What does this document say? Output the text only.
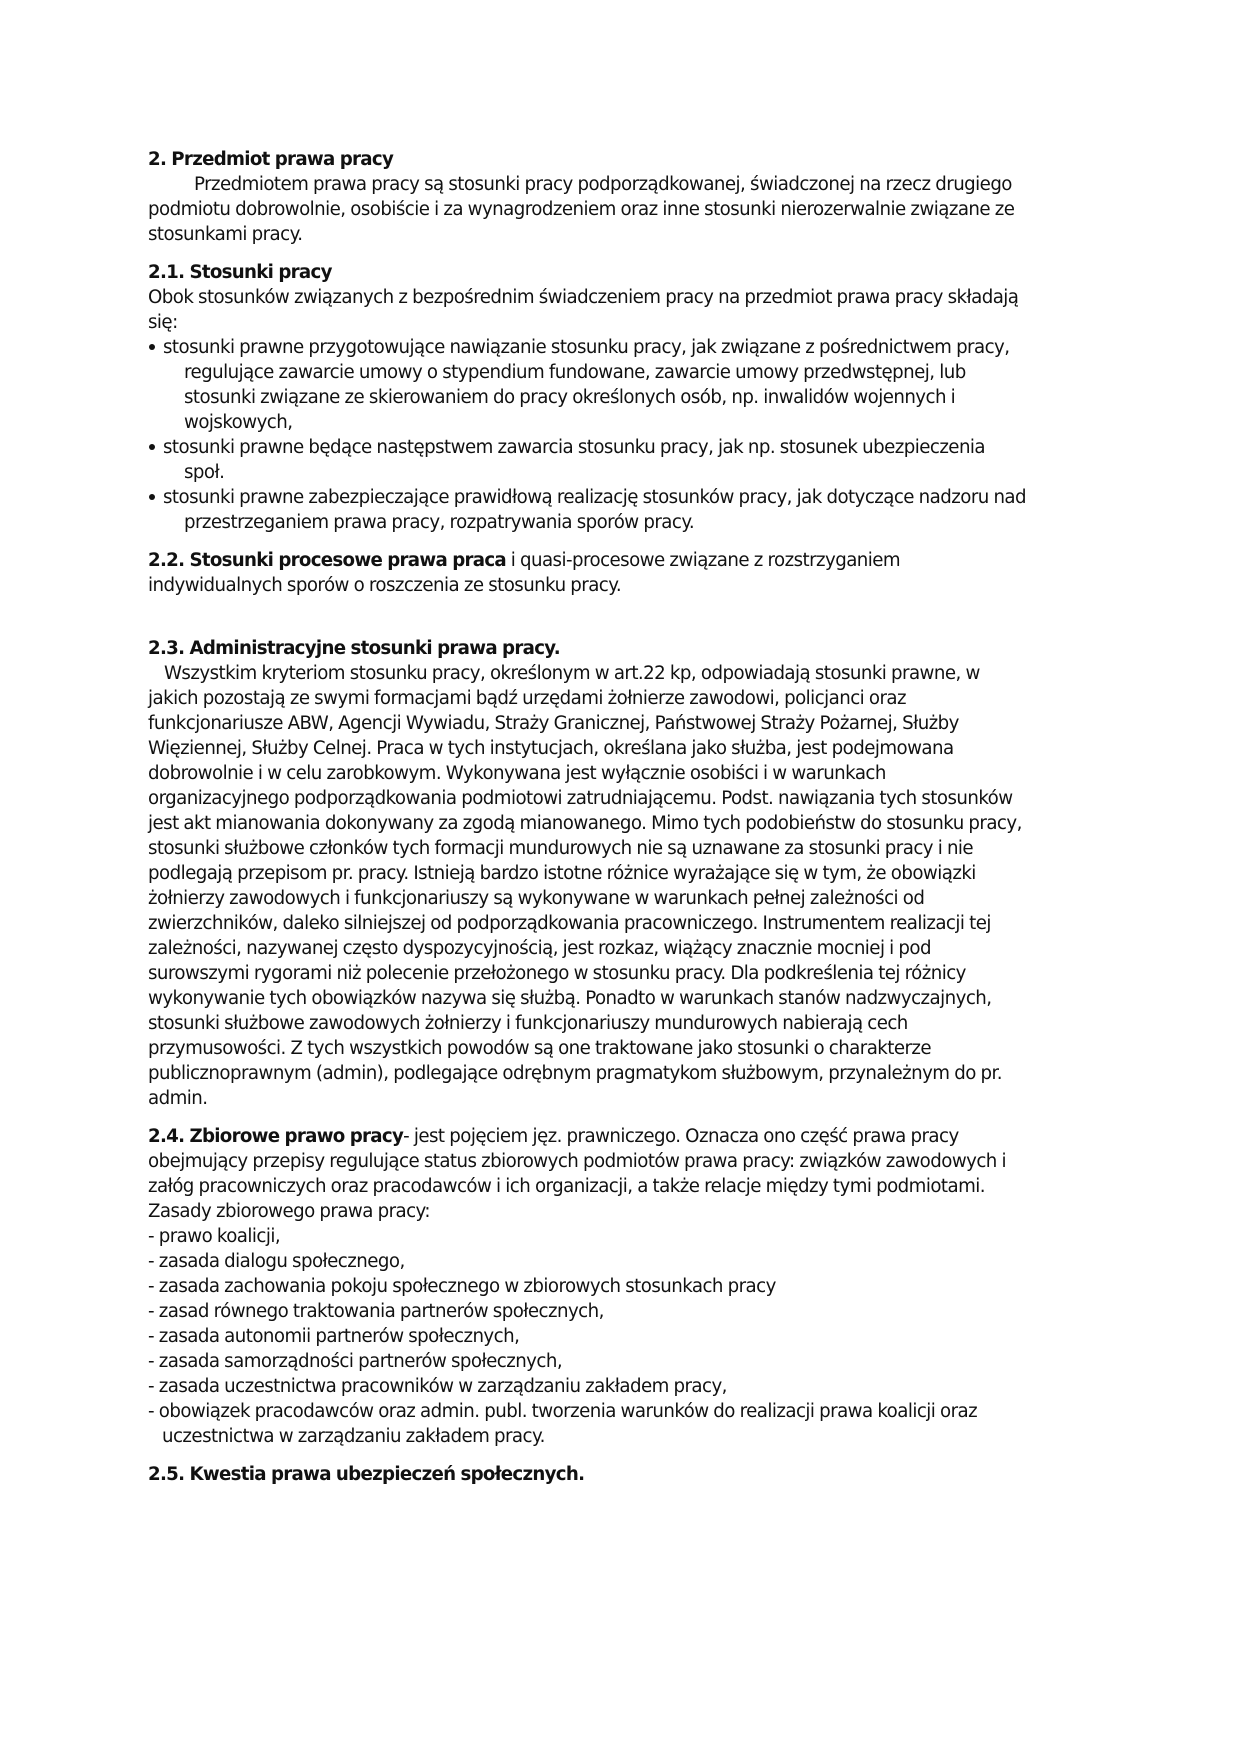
2. Przedmiot prawa pracy
Przedmiotem prawa pracy są stosunki pracy podporządkowanej, świadczonej na rzecz drugiego
podmiotu dobrowolnie, osobiście i za wynagrodzeniem oraz inne stosunki nierozerwalnie związane ze
stosunkami pracy.
2.1. Stosunki pracy
Obok stosunków związanych z bezpośrednim świadczeniem pracy na przedmiot prawa pracy składają
się:
stosunki prawne przygotowujące nawiązanie stosunku pracy, jak związane z pośrednictwem pracy,
regulujące zawarcie umowy o stypendium fundowane, zawarcie umowy przedwstępnej, lub
stosunki związane ze skierowaniem do pracy określonych osób, np. inwalidów wojennych i
wojskowych,
stosunki prawne będące następstwem zawarcia stosunku pracy, jak np. stosunek ubezpieczenia
społ.
stosunki prawne zabezpieczające prawidłową realizację stosunków pracy, jak dotyczące nadzoru nad
przestrzeganiem prawa pracy, rozpatrywania sporów pracy.
2.2. Stosunki procesowe prawa praca i quasi-procesowe związane z rozstrzyganiem
indywidualnych sporów o roszczenia ze stosunku pracy.
2.3. Administracyjne stosunki prawa pracy.
Wszystkim kryteriom stosunku pracy, określonym w art.22 kp, odpowiadają stosunki prawne, w
jakich pozostają ze swymi formacjami bądź urzędami żołnierze zawodowi, policjanci oraz
funkcjonariusze ABW, Agencji Wywiadu, Straży Granicznej, Państwowej Straży Pożarnej, Służby
Więziennej, Służby Celnej. Praca w tych instytucjach, określana jako służba, jest podejmowana
dobrowolnie i w celu zarobkowym. Wykonywana jest wyłącznie osobiści i w warunkach
organizacyjnego podporządkowania podmiotowi zatrudniającemu. Podst. nawiązania tych stosunków
jest akt mianowania dokonywany za zgodą mianowanego. Mimo tych podobieństw do stosunku pracy,
stosunki służbowe członków tych formacji mundurowych nie są uznawane za stosunki pracy i nie
podlegają przepisom pr. pracy. Istnieją bardzo istotne różnice wyrażające się w tym, że obowiązki
żołnierzy zawodowych i funkcjonariuszy są wykonywane w warunkach pełnej zależności od
zwierzchników, daleko silniejszej od podporządkowania pracowniczego. Instrumentem realizacji tej
zależności, nazywanej często dyspozycyjnością, jest rozkaz, wiążący znacznie mocniej i pod
surowszymi rygorami niż polecenie przełożonego w stosunku pracy. Dla podkreślenia tej różnicy
wykonywanie tych obowiązków nazywa się służbą. Ponadto w warunkach stanów nadzwyczajnych,
stosunki służbowe zawodowych żołnierzy i funkcjonariuszy mundurowych nabierają cech
przymusowości. Z tych wszystkich powodów są one traktowane jako stosunki o charakterze
publicznoprawnym (admin), podlegające odrębnym pragmatykom służbowym, przynależnym do pr.
admin.
2.4. Zbiorowe prawo pracy- jest pojęciem jęz. prawniczego. Oznacza ono część prawa pracy
obejmujący przepisy regulujące status zbiorowych podmiotów prawa pracy: związków zawodowych i
załóg pracowniczych oraz pracodawców i ich organizacji, a także relacje między tymi podmiotami.
Zasady zbiorowego prawa pracy:
- prawo koalicji,
- zasada dialogu społecznego,
- zasada zachowania pokoju społecznego w zbiorowych stosunkach pracy
- zasad równego traktowania partnerów społecznych,
- zasada autonomii partnerów społecznych,
- zasada samorządności partnerów społecznych,
- zasada uczestnictwa pracowników w zarządzaniu zakładem pracy,
- obowiązek pracodawców oraz admin. publ. tworzenia warunków do realizacji prawa koalicji oraz
uczestnictwa w zarządzaniu zakładem pracy.
2.5. Kwestia prawa ubezpieczeń społecznych.
